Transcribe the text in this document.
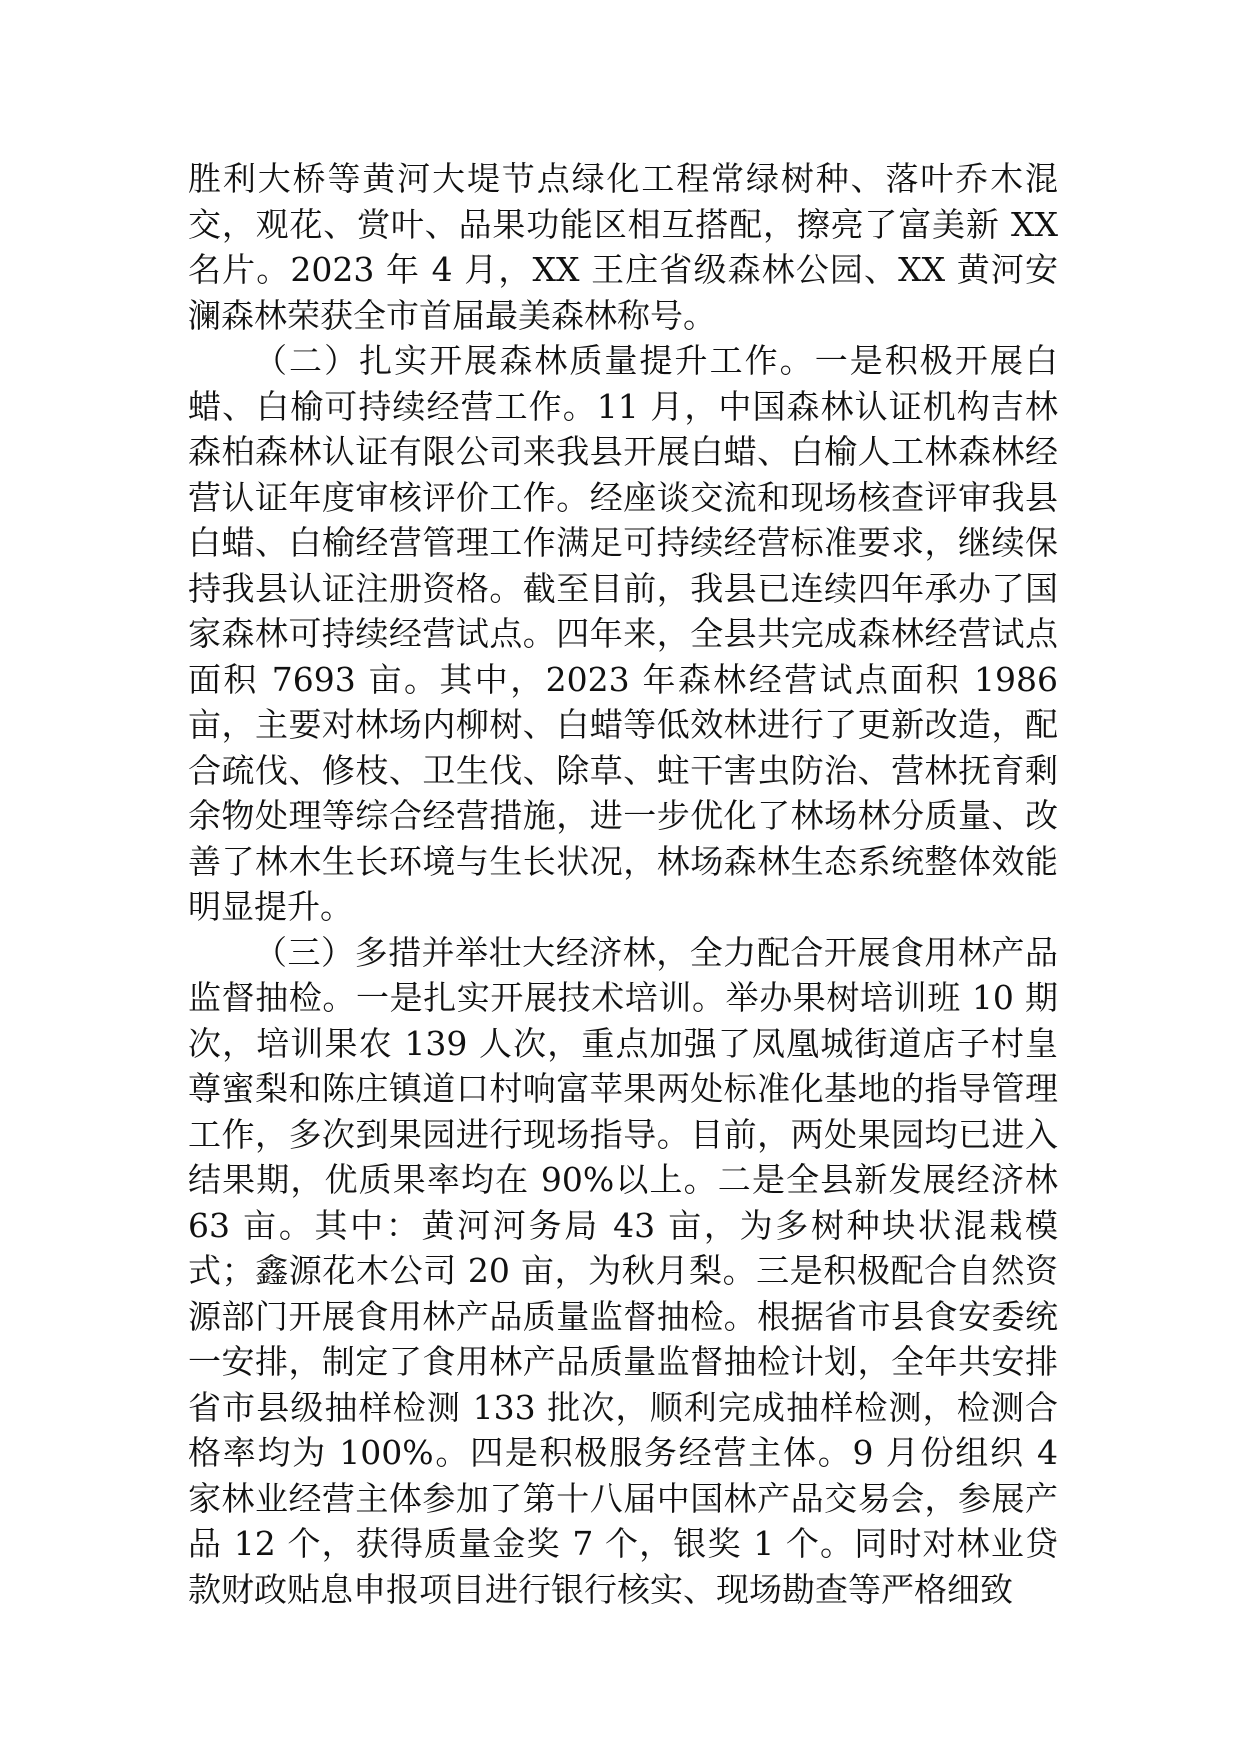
胜利大桥等黄河大堤节点绿化工程常绿树种、落叶乔木混交，观花、赏叶、品果功能区相互搭配，擦亮了富美新 XX 名片。2023 年 4 月，XX 王庄省级森林公园、XX 黄河安澜森林荣获全市首届最美森林称号。

（二）扎实开展森林质量提升工作。一是积极开展白蜡、白榆可持续经营工作。11 月，中国森林认证机构吉林森柏森林认证有限公司来我县开展白蜡、白榆人工林森林经营认证年度审核评价工作。经座谈交流和现场核查评审我县白蜡、白榆经营管理工作满足可持续经营标准要求，继续保持我县认证注册资格。截至目前，我县已连续四年承办了国家森林可持续经营试点。四年来，全县共完成森林经营试点面积 7693 亩。其中，2023 年森林经营试点面积 1986 亩，主要对林场内柳树、白蜡等低效林进行了更新改造，配合疏伐、修枝、卫生伐、除草、蛀干害虫防治、营林抚育剩余物处理等综合经营措施，进一步优化了林场林分质量、改善了林木生长环境与生长状况，林场森林生态系统整体效能明显提升。

（三）多措并举壮大经济林，全力配合开展食用林产品监督抽检。一是扎实开展技术培训。举办果树培训班 10 期次，培训果农 139 人次，重点加强了凤凰城街道店子村皇尊蜜梨和陈庄镇道口村响富苹果两处标准化基地的指导管理工作，多次到果园进行现场指导。目前，两处果园均已进入结果期，优质果率均在 90%以上。二是全县新发展经济林 63 亩。其中：黄河河务局 43 亩，为多树种块状混栽模式；鑫源花木公司 20 亩，为秋月梨。三是积极配合自然资源部门开展食用林产品质量监督抽检。根据省市县食安委统一安排，制定了食用林产品质量监督抽检计划，全年共安排省市县级抽样检测 133 批次，顺利完成抽样检测，检测合格率均为 100%。四是积极服务经营主体。9 月份组织 4 家林业经营主体参加了第十八届中国林产品交易会，参展产品 12 个，获得质量金奖 7 个，银奖 1 个。同时对林业贷款财政贴息申报项目进行银行核实、现场勘查等严格细致
